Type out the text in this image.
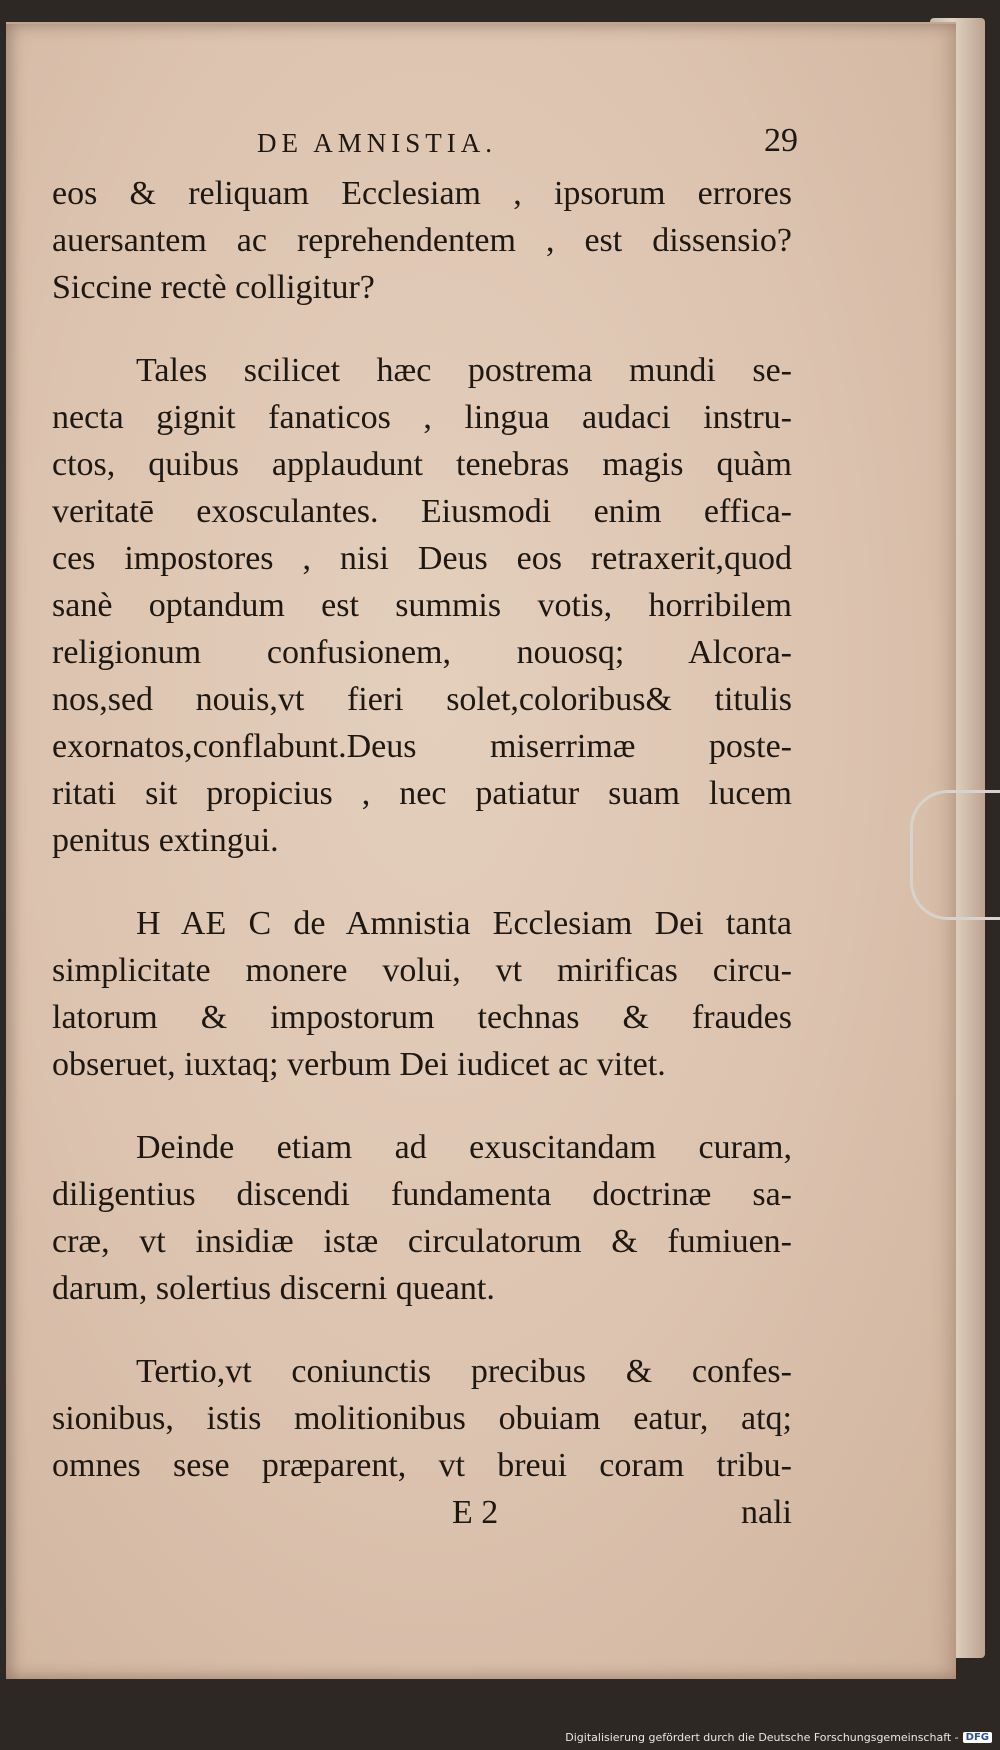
DE AMNISTIA.	29
eos & reliquam Ecclesiam , ipsorum errores
auersantem ac reprehendentem , est dissensio?
Siccine rectè colligitur?
Tales scilicet hæc postrema mundi se-
necta gignit fanaticos , lingua audaci instru-
ctos, quibus applaudunt tenebras magis quàm
veritatē exosculantes. Eiusmodi enim effica-
ces impostores , nisi Deus eos retraxerit,quod
sanè optandum est summis votis, horribilem
religionum confusionem, nouosq; Alcora-
nos,sed nouis,vt fieri solet,coloribus& titulis
exornatos,conflabunt.Deus miserrimæ poste-
ritati sit propicius , nec patiatur suam lucem
penitus extingui.
H AE C de Amnistia Ecclesiam Dei tanta
simplicitate monere volui, vt mirificas circu-
latorum & impostorum technas & fraudes
obseruet, iuxtaq; verbum Dei iudicet ac vitet.
Deinde etiam ad exuscitandam curam,
diligentius discendi fundamenta doctrinæ sa-
cræ, vt insidiæ istæ circulatorum & fumiuen-
darum, solertius discerni queant.
Tertio,vt coniunctis precibus & confes-
sionibus, istis molitionibus obuiam eatur, atq;
omnes sese præparent, vt breui coram tribu-
E 2	nali
Digitalisierung gefördert durch die Deutsche Forschungsgemeinschaft - DFG
